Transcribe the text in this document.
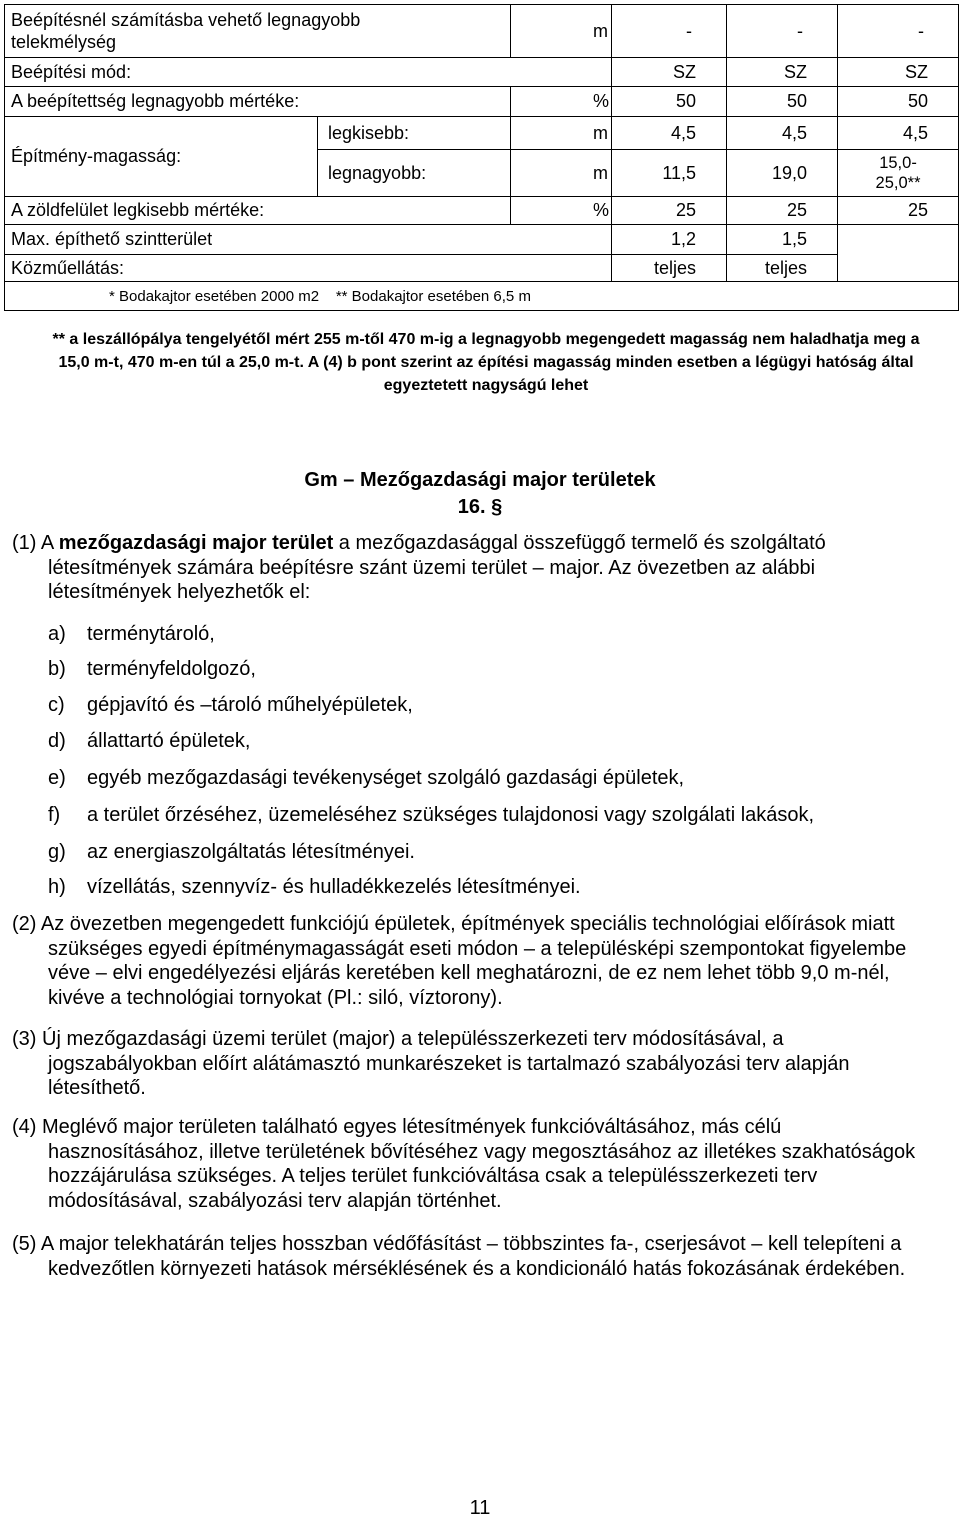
Beépítésnél számításba vehető legnagyobb telekmélység		m	-	-	-
Beépítési mód:			SZ	SZ	SZ
A beépítettség legnagyobb mértéke:		%	50	50	50
Építmény-magasság:	legkisebb:	m	4,5	4,5	4,5
	legnagyobb:	m	11,5	19,0	15,0-
25,0**
A zöldfelület legkisebb mértéke:		%	25	25	25
Max. építhető szintterület			1,2	1,5	
Közműellátás:			teljes	teljes	
* Bodakajtor esetében 2000 m2    ** Bodakajtor esetében 6,5 m					
** a leszállópálya tengelyétől mért 255 m-től 470 m-ig a legnagyobb megengedett magasság nem haladhatja meg a 15,0 m-t, 470 m-en túl a 25,0 m-t. A (4) b pont szerint az építési magasság minden esetben a légügyi hatóság által egyeztetett nagyságú lehet
Gm – Mezőgazdasági major területek
16. §
(1) A mezőgazdasági major terület a mezőgazdasággal összefüggő termelő és szolgáltató létesítmények számára beépítésre szánt üzemi terület – major. Az övezetben az alábbi létesítmények helyezhetők el:
a) terménytároló,
b) terményfeldolgozó,
c) gépjavító és –tároló műhelyépületek,
d) állattartó épületek,
e) egyéb mezőgazdasági tevékenységet szolgáló gazdasági épületek,
f) a terület őrzéséhez, üzemeléséhez szükséges tulajdonosi vagy szolgálati lakások,
g) az energiaszolgáltatás létesítményei.
h) vízellátás, szennyvíz- és hulladékkezelés létesítményei.
(2) Az övezetben megengedett funkciójú épületek, építmények speciális technológiai előírások miatt szükséges egyedi építménymagasságát eseti módon – a településképi szempontokat figyelembe véve – elvi engedélyezési eljárás keretében kell meghatározni, de ez nem lehet több 9,0 m-nél, kivéve a technológiai tornyokat (Pl.: siló, víztorony).
(3) Új mezőgazdasági üzemi terület (major) a településszerkezeti terv módosításával, a jogszabályokban előírt alátámasztó munkarészeket is tartalmazó szabályozási terv alapján létesíthető.
(4) Meglévő major területen található egyes létesítmények funkcióváltásához, más célú hasznosításához, illetve területének bővítéséhez vagy megosztásához az illetékes szakhatóságok hozzájárulása szükséges. A teljes terület funkcióváltása csak a településszerkezeti terv módosításával, szabályozási terv alapján történhet.
(5) A major telekhatárán teljes hosszban védőfásítást – többszintes fa-, cserjesávot – kell telepíteni a kedvezőtlen környezeti hatások mérséklésének és a kondicionáló hatás fokozásának érdekében.
11
